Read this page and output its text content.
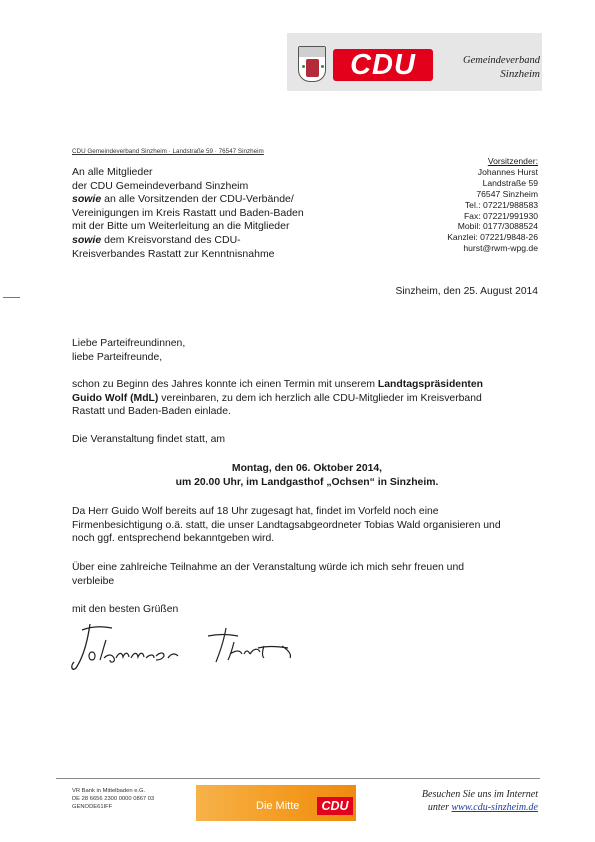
CDU	Gemeindeverband
Sinzheim
CDU Gemeindeverband Sinzheim · Landstraße 59 · 76547 Sinzheim
An alle Mitglieder
der CDU Gemeindeverband Sinzheim
sowie an alle Vorsitzenden der CDU-Verbände/
Vereinigungen im Kreis Rastatt und Baden-Baden
mit der Bitte um Weiterleitung an die Mitglieder
sowie dem Kreisvorstand des CDU-
Kreisverbandes Rastatt zur Kenntnisnahme
Vorsitzender:
Johannes Hurst
Landstraße 59
76547 Sinzheim
Tel.: 07221/988583
Fax: 07221/991930
Mobil: 0177/3088524
Kanzlei: 07221/9848-26
hurst@rwm-wpg.de
Sinzheim, den 25. August 2014
Liebe Parteifreundinnen,
liebe Parteifreunde,
schon zu Beginn des Jahres konnte ich einen Termin mit unserem Landtagspräsidenten
Guido Wolf (MdL) vereinbaren, zu dem ich herzlich alle CDU-Mitglieder im Kreisverband
Rastatt und Baden-Baden einlade.
Die Veranstaltung findet statt, am
Montag, den 06. Oktober 2014,
um 20.00 Uhr, im Landgasthof „Ochsen“ in Sinzheim.
Da Herr Guido Wolf bereits auf 18 Uhr zugesagt hat, findet im Vorfeld noch eine
Firmenbesichtigung o.ä. statt, die unser Landtagsabgeordneter Tobias Wald organisieren und
noch ggf. entsprechend bekanntgeben wird.
Über eine zahlreiche Teilnahme an der Veranstaltung würde ich mich sehr freuen und
verbleibe
mit den besten Grüßen
VR Bank in Mittelbaden e.G.
DE 28 6656 2300 0000 0867 03
GENODE61IFF	Die Mitte	CDU
Besuchen Sie uns im Internet
unter www.cdu-sinzheim.de
